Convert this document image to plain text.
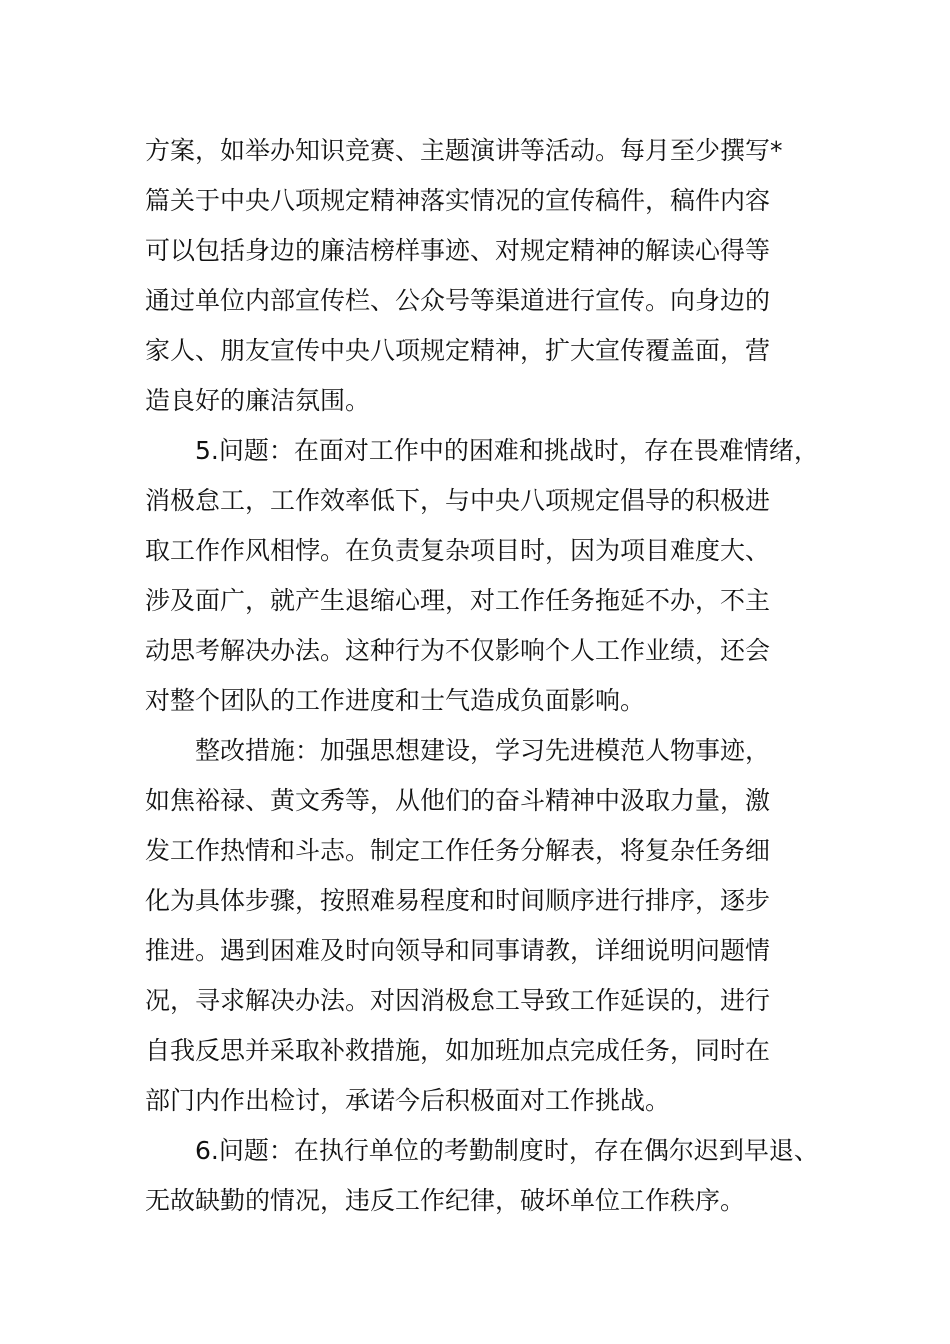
方案，如举办知识竞赛、主题演讲等活动。每月至少撰写*
篇关于中央八项规定精神落实情况的宣传稿件，稿件内容
可以包括身边的廉洁榜样事迹、对规定精神的解读心得等
通过单位内部宣传栏、公众号等渠道进行宣传。向身边的
家人、朋友宣传中央八项规定精神，扩大宣传覆盖面，营
造良好的廉洁氛围。
5.问题：在面对工作中的困难和挑战时，存在畏难情绪，
消极怠工，工作效率低下，与中央八项规定倡导的积极进
取工作作风相悖。在负责复杂项目时，因为项目难度大、
涉及面广，就产生退缩心理，对工作任务拖延不办，不主
动思考解决办法。这种行为不仅影响个人工作业绩，还会
对整个团队的工作进度和士气造成负面影响。
整改措施：加强思想建设，学习先进模范人物事迹，
如焦裕禄、黄文秀等，从他们的奋斗精神中汲取力量，激
发工作热情和斗志。制定工作任务分解表，将复杂任务细
化为具体步骤，按照难易程度和时间顺序进行排序，逐步
推进。遇到困难及时向领导和同事请教，详细说明问题情
况，寻求解决办法。对因消极怠工导致工作延误的，进行
自我反思并采取补救措施，如加班加点完成任务，同时在
部门内作出检讨，承诺今后积极面对工作挑战。
6.问题：在执行单位的考勤制度时，存在偶尔迟到早退、
无故缺勤的情况，违反工作纪律，破坏单位工作秩序。
